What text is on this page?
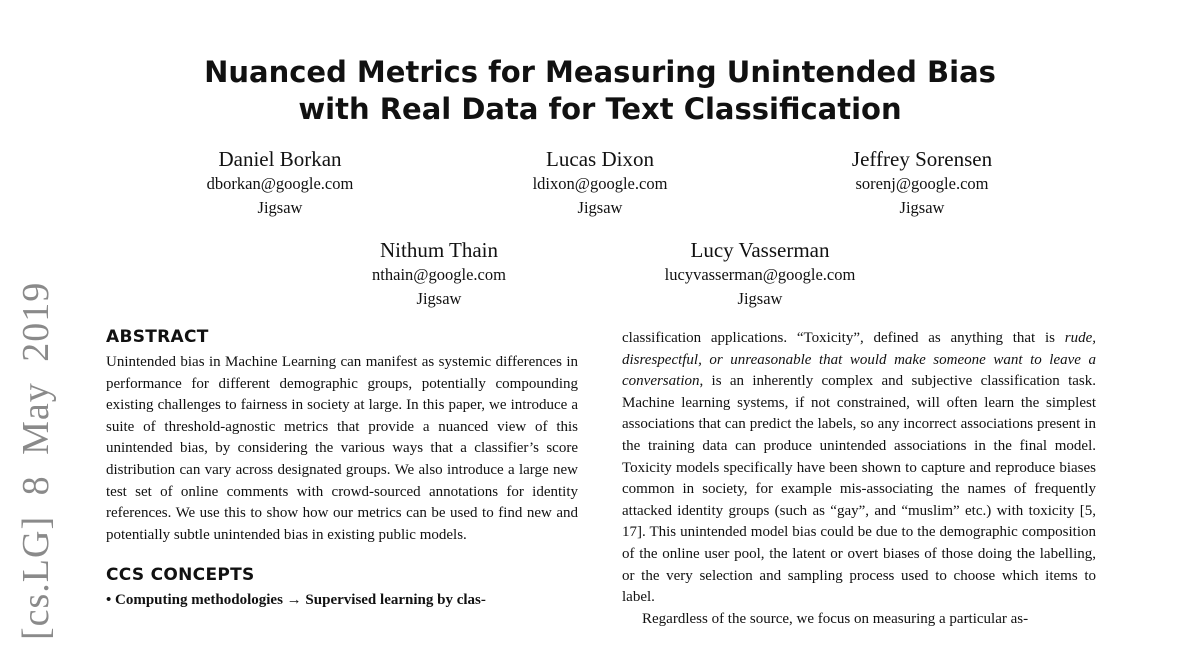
Nuanced Metrics for Measuring Unintended Bias
with Real Data for Text Classification
Daniel Borkan
dborkan@google.com
Jigsaw
Lucas Dixon
ldixon@google.com
Jigsaw
Jeffrey Sorensen
sorenj@google.com
Jigsaw
Nithum Thain
nthain@google.com
Jigsaw
Lucy Vasserman
lucyvasserman@google.com
Jigsaw
[cs.LG] 8 May 2019	ABSTRACT

Unintended bias in Machine Learning can manifest as systemic differences in performance for different demographic groups, potentially compounding existing challenges to fairness in society at large. In this paper, we introduce a suite of threshold-agnostic metrics that provide a nuanced view of this unintended bias, by considering the various ways that a classifier’s score distribution can vary across designated groups. We also introduce a large new test set of online comments with crowd-sourced annotations for identity references. We use this to show how our metrics can be used to find new and potentially subtle unintended bias in existing public models.

CCS CONCEPTS
• Computing methodologies → Supervised learning by clas-

classification applications. “Toxicity”, defined as anything that is rude, disrespectful, or unreasonable that would make someone want to leave a conversation, is an inherently complex and subjective classification task. Machine learning systems, if not constrained, will often learn the simplest associations that can predict the labels, so any incorrect associations present in the training data can produce unintended associations in the final model. Toxicity models specifically have been shown to capture and reproduce biases common in society, for example mis-associating the names of frequently attacked identity groups (such as “gay”, and “muslim” etc.) with toxicity [5, 17]. This unintended model bias could be due to the demographic composition of the online user pool, the latent or overt biases of those doing the labelling, or the very selection and sampling process used to choose which items to label.

Regardless of the source, we focus on measuring a particular as-
